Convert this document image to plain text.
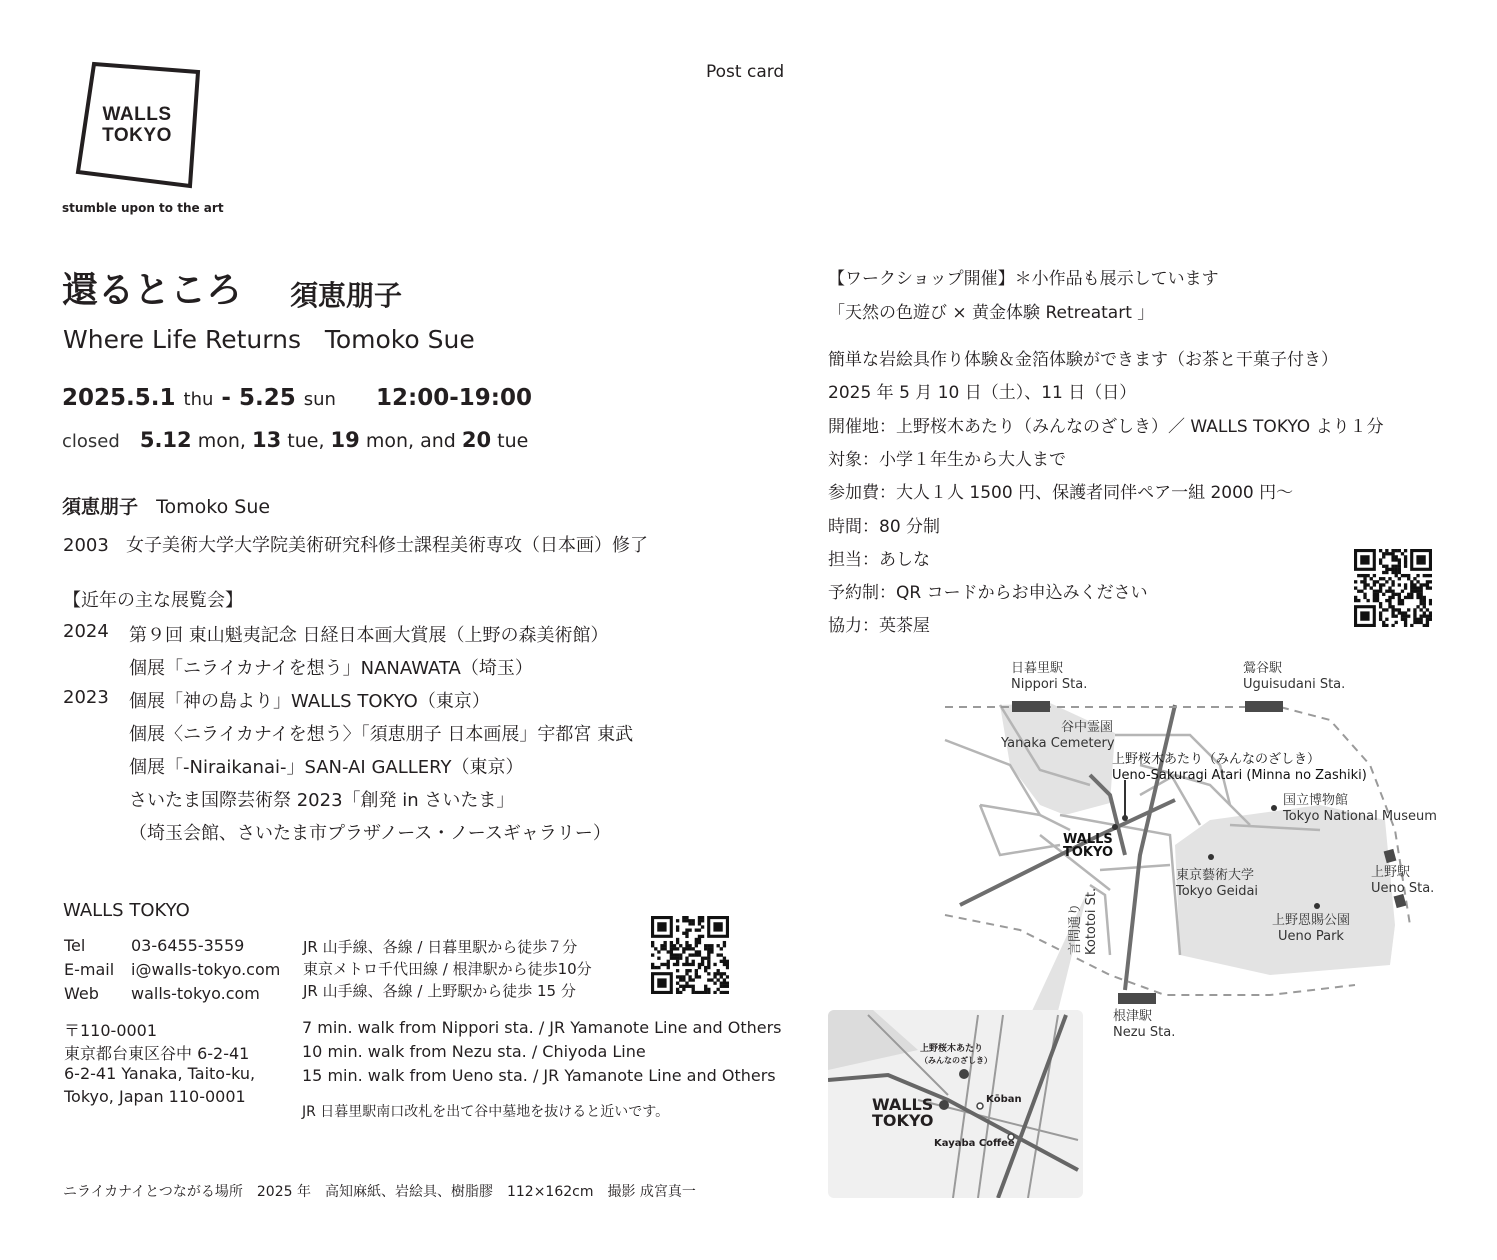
WALLS
TOKYO
stumble upon to the art
Post card
還るところ 須恵朋子
Where Life Returns Tomoko Sue
2025.5.1 thu - 5.25 sun 12:00-19:00
closed 5.12 mon, 13 tue, 19 mon, and 20 tue
須恵朋子 Tomoko Sue
2003 女子美術大学大学院美術研究科修士課程美術専攻（日本画）修了
【近年の主な展覧会】
2024 第９回 東山魁夷記念 日経日本画大賞展（上野の森美術館）
個展「ニライカナイを想う」NANAWATA（埼玉）
2023 個展「神の島より」WALLS TOKYO（東京）
個展〈ニライカナイを想う〉「須恵朋子 日本画展」宇都宮 東武
個展「-Niraikanai-」SAN-AI GALLERY（東京）
さいたま国際芸術祭 2023「創発 in さいたま」
（埼玉会館、さいたま市プラザノース・ノースギャラリー）
WALLS TOKYO
Tel	03-6455-3559
E-mail i@walls-tokyo.com
Web walls-tokyo.com
〒110-0001
東京都台東区谷中 6-2-41
6-2-41 Yanaka, Taito-ku,
Tokyo, Japan 110-0001
JR 山手線、各線 / 日暮里駅から徒歩７分
東京メトロ千代田線 / 根津駅から徒歩10分
JR 山手線、各線 / 上野駅から徒歩 15 分
7 min. walk from Nippori sta. / JR Yamanote Line and Others
10 min. walk from Nezu sta. / Chiyoda Line
15 min. walk from Ueno sta. / JR Yamanote Line and Others
JR 日暮里駅南口改札を出て谷中墓地を抜けると近いです。
ニライカナイとつながる場所　2025 年　高知麻紙、岩絵具、樹脂膠　112×162cm　撮影 成宮真一
【ワークショップ開催】＊小作品も展示しています
「天然の色遊び × 黄金体験 Retreatart 」
簡単な岩絵具作り体験＆金箔体験ができます（お茶と干菓子付き）
2025 年 5 月 10 日（土）、11 日（日）
開催地：上野桜木あたり（みんなのざしき）／ WALLS TOKYO より１分
対象：小学１年生から大人まで
参加費：大人１人 1500 円、保護者同伴ペア一組 2000 円〜
時間：80 分制
担当：あしな
予約制：QR コードからお申込みください
協力：英茶屋
日暮里駅
Nippori Sta.
鶯谷駅
Uguisudani Sta.
谷中霊園
Yanaka Cemetery
上野桜木あたり（みんなのざしき）
Ueno-Sakuragi Atari (Minna no Zashiki)
国立博物館
Tokyo National Museum
WALLS
TOKYO
東京藝術大学
Tokyo Geidai
上野駅
Ueno Sta.
言問通り Kototoi St.	上野恩賜公園
Ueno Park
根津駅
Nezu Sta.
上野桜木あたり
（みんなのざしき）
WALLS
TOKYO
Kōban
Kayaba Coffee
